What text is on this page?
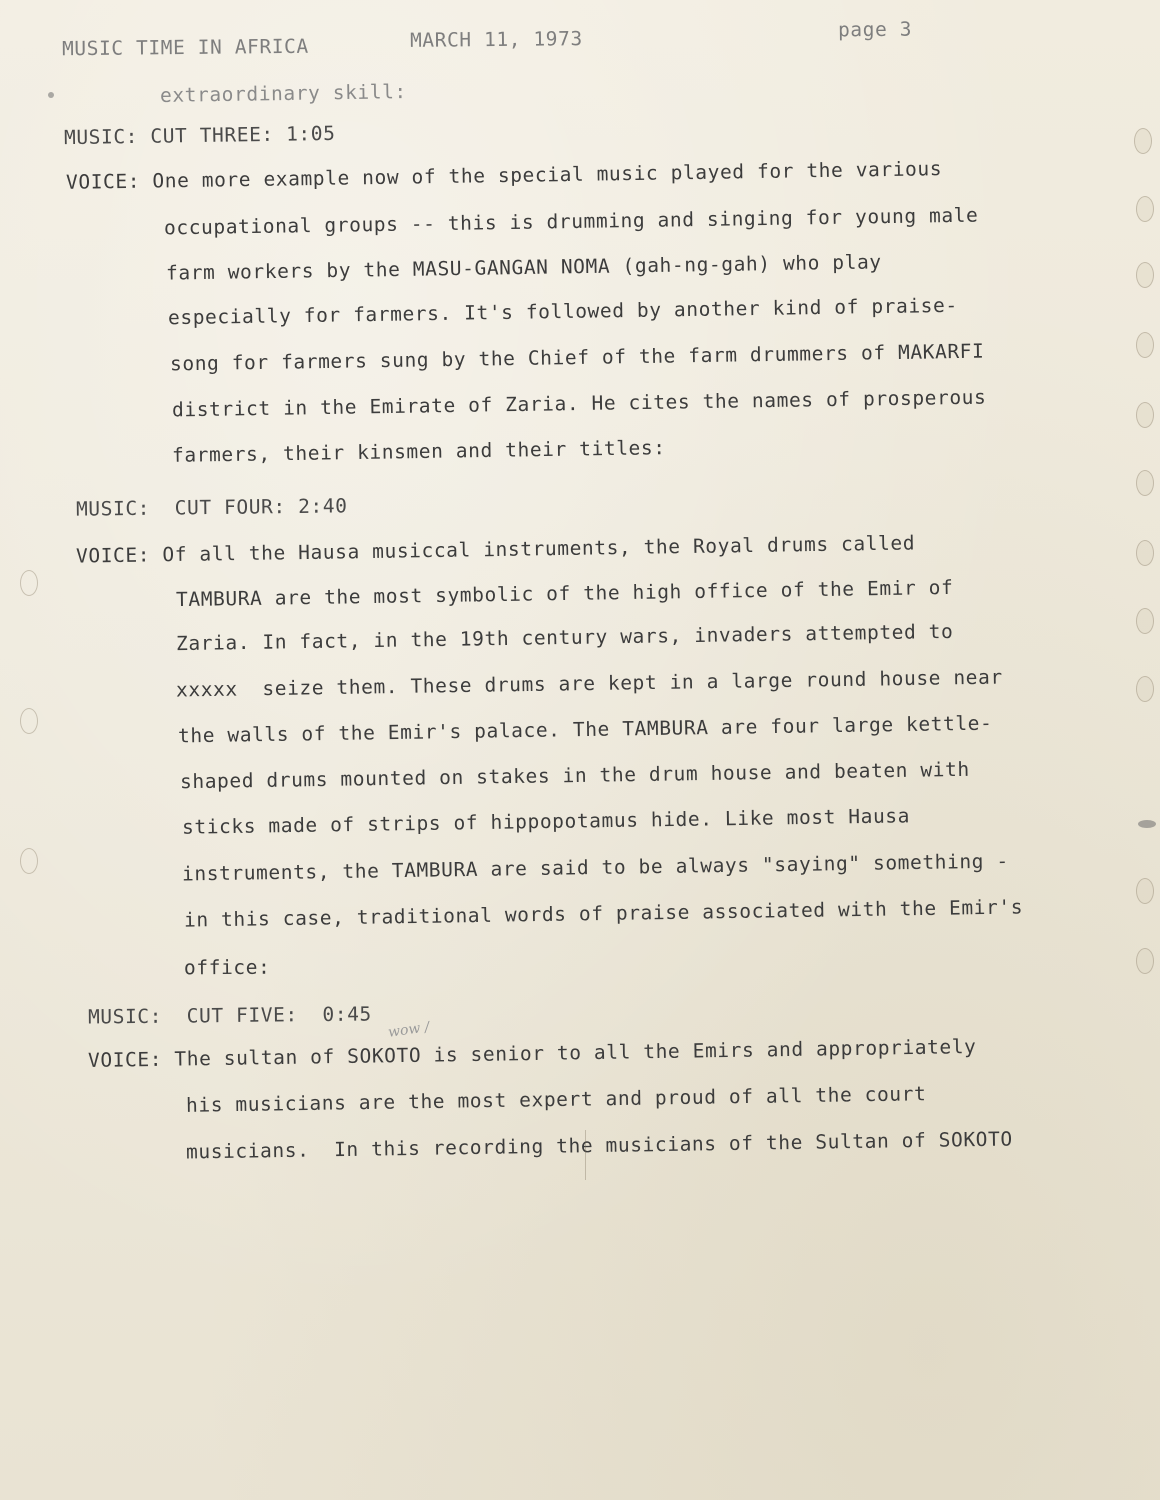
MUSIC TIME IN AFRICA	MARCH 11, 1973	page 3
extraordinary skill:
MUSIC: CUT THREE: 1:05
VOICE: One more example now of the special music played for the various
occupational groups -- this is drumming and singing for young male
farm workers by the MASU-GANGAN NOMA (gah-ng-gah) who play
especially for farmers. It's followed by another kind of praise-
song for farmers sung by the Chief of the farm drummers of MAKARFI
district in the Emirate of Zaria. He cites the names of prosperous
farmers, their kinsmen and their titles:
MUSIC:  CUT FOUR: 2:40
VOICE: Of all the Hausa musiccal instruments, the Royal drums called
TAMBURA are the most symbolic of the high office of the Emir of
Zaria. In fact, in the 19th century wars, invaders attempted to
xxxxx  seize them. These drums are kept in a large round house near
the walls of the Emir's palace. The TAMBURA are four large kettle-
shaped drums mounted on stakes in the drum house and beaten with
sticks made of strips of hippopotamus hide. Like most Hausa
instruments, the TAMBURA are said to be always "saying" something -
in this case, traditional words of praise associated with the Emir's
office:
MUSIC:  CUT FIVE:  0:45
wow /
VOICE: The sultan of SOKOTO is senior to all the Emirs and appropriately
his musicians are the most expert and proud of all the court
musicians.  In this recording the musicians of the Sultan of SOKOTO
